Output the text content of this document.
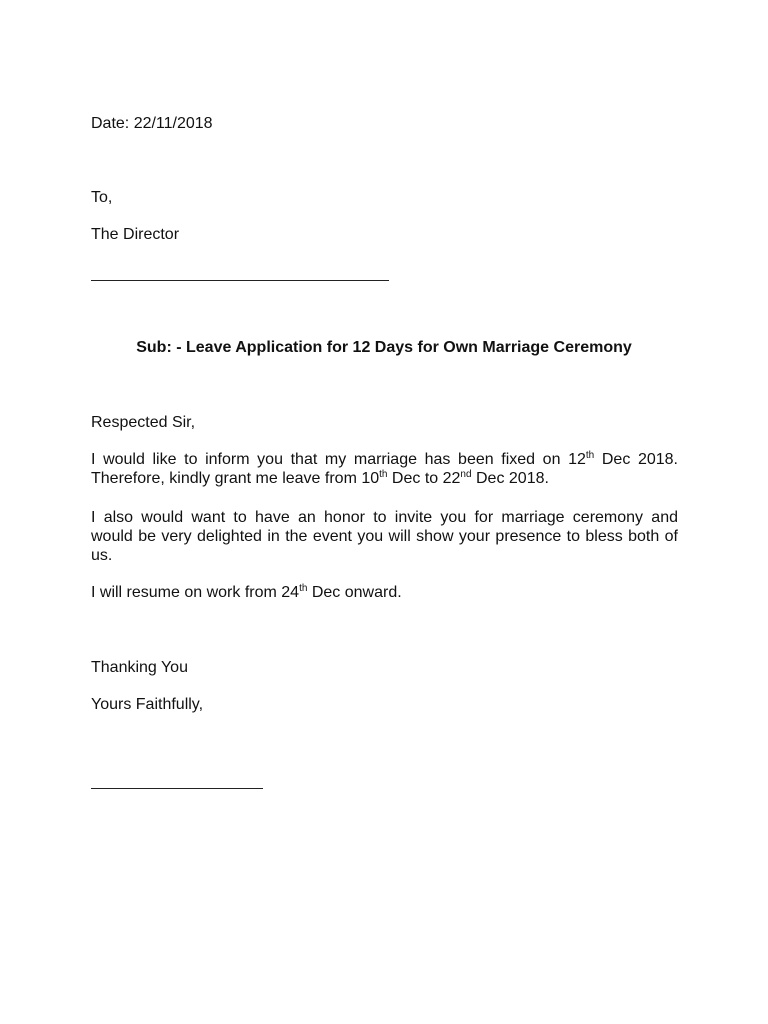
Date: 22/11/2018
To,
The Director
Sub: - Leave Application for 12 Days for Own Marriage Ceremony
Respected Sir,
I would like to inform you that my marriage has been fixed on 12th Dec 2018.
Therefore, kindly grant me leave from 10th Dec to 22nd Dec 2018.
I also would want to have an honor to invite you for marriage ceremony and
would be very delighted in the event you will show your presence to bless both of
us.
I will resume on work from 24th Dec onward.
Thanking You
Yours Faithfully,
